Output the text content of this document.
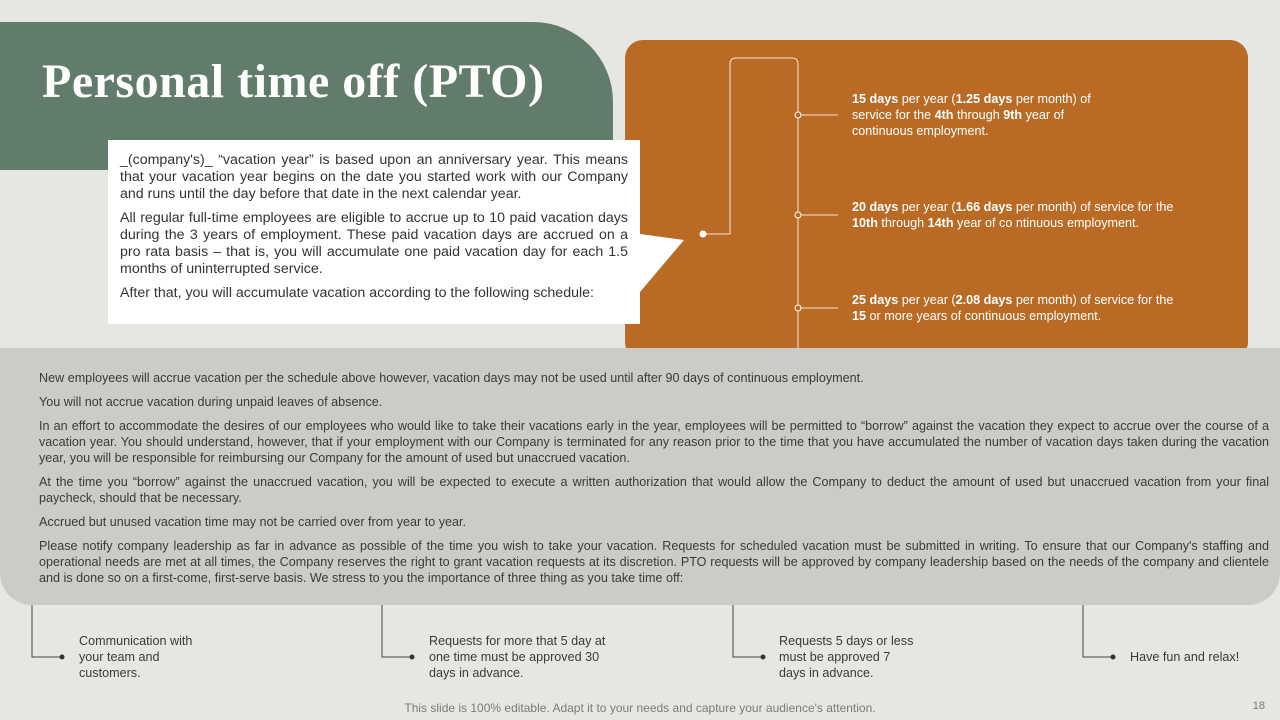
Personal time off (PTO)

_(company's)_ “vacation year” is based upon an anniversary year. This means that your vacation year begins on the date you started work with our Company and runs until the day before that date in the next calendar year.

All regular full-time employees are eligible to accrue up to 10 paid vacation days during the 3 years of employment. These paid vacation days are accrued on a pro rata basis – that is, you will accumulate one paid vacation day for each 1.5 months of uninterrupted service.

After that, you will accumulate vacation according to the following schedule:

15 days per year (1.25 days per month) of service for the 4th through 9th year of continuous employment.
20 days per year (1.66 days per month) of service for the 10th through 14th year of co ntinuous employment.
25 days per year (2.08 days per month) of service for the 15 or more years of continuous employment.

New employees will accrue vacation per the schedule above however, vacation days may not be used until after 90 days of continuous employment.

You will not accrue vacation during unpaid leaves of absence.

In an effort to accommodate the desires of our employees who would like to take their vacations early in the year, employees will be permitted to “borrow” against the vacation they expect to accrue over the course of a vacation year. You should understand, however, that if your employment with our Company is terminated for any reason prior to the time that you have accumulated the number of vacation days taken during the vacation year, you will be responsible for reimbursing our Company for the amount of used but unaccrued vacation.

At the time you “borrow” against the unaccrued vacation, you will be expected to execute a written authorization that would allow the Company to deduct the amount of used but unaccrued vacation from your final paycheck, should that be necessary.

Accrued but unused vacation time may not be carried over from year to year.

Please notify company leadership as far in advance as possible of the time you wish to take your vacation. Requests for scheduled vacation must be submitted in writing. To ensure that our Company's staffing and operational needs are met at all times, the Company reserves the right to grant vacation requests at its discretion. PTO requests will be approved by company leadership based on the needs of the company and clientele and is done so on a first-come, first-serve basis. We stress to you the importance of three thing as you take time off:

Communication with
your team and
customers.
Requests for more that 5 day at
one time must be approved 30
days in advance.
Requests 5 days or less
must be approved 7
days in advance.
Have fun and relax!
This slide is 100% editable. Adapt it to your needs and capture your audience's attention.	18
